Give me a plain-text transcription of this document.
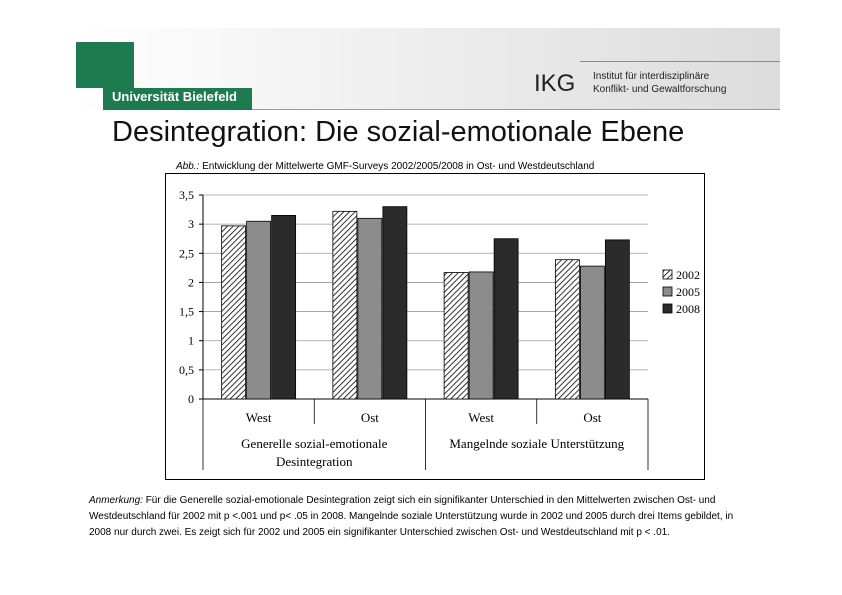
Universität Bielefeld	IKG Institut für interdisziplinäre
Konflikt- und Gewaltforschung
Desintegration: Die sozial-emotionale Ebene
Abb.: Entwicklung der Mittelwerte GMF-Surveys 2002/2005/2008 in Ost- und Westdeutschland
0
0,5
1
1,5
2
2,5
3
3,5
West	Ost	West	Ost
Generelle sozial-emotionale
Desintegration
Mangelnde soziale Unterstützung
2002
2005
2008
Anmerkung: Für die Generelle sozial-emotionale Desintegration zeigt sich ein signifikanter Unterschied in den Mittelwerten zwischen Ost- und Westdeutschland für 2002 mit p <.001 und p< .05 in 2008. Mangelnde soziale Unterstützung wurde in 2002 und 2005 durch drei Items gebildet, in 2008 nur durch zwei. Es zeigt sich für 2002 und 2005 ein signifikanter Unterschied zwischen Ost- und Westdeutschland mit p < .01.
